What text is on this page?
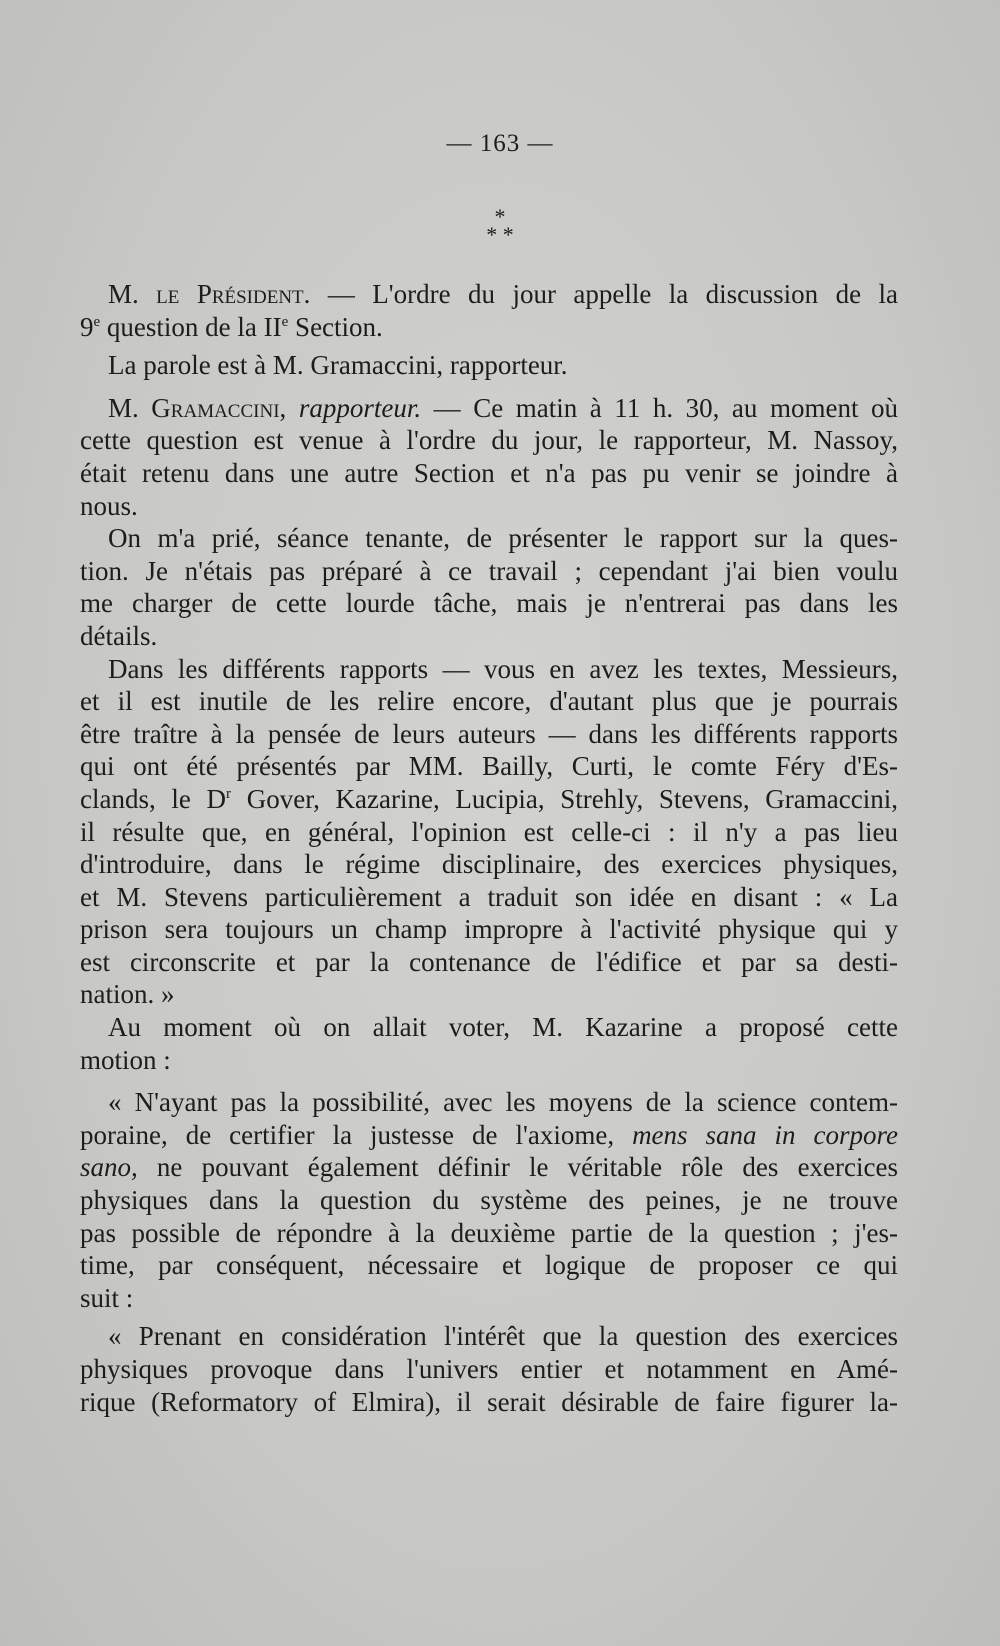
— 163 —
*
* *
M. le Président. — L'ordre du jour appelle la discussion de la
9e question de la IIe Section.
La parole est à M. Gramaccini, rapporteur.
M. Gramaccini, rapporteur. — Ce matin à 11 h. 30, au moment où
cette question est venue à l'ordre du jour, le rapporteur, M. Nassoy,
était retenu dans une autre Section et n'a pas pu venir se joindre à
nous.
On m'a prié, séance tenante, de présenter le rapport sur la ques-
tion. Je n'étais pas préparé à ce travail ; cependant j'ai bien voulu
me charger de cette lourde tâche, mais je n'entrerai pas dans les
détails.
Dans les différents rapports — vous en avez les textes, Messieurs,
et il est inutile de les relire encore, d'autant plus que je pourrais
être traître à la pensée de leurs auteurs — dans les différents rapports
qui ont été présentés par MM. Bailly, Curti, le comte Féry d'Es-
clands, le $D^r$ Gover, Kazarine, Lucipia, Strehly, Stevens, Gramaccini,
il résulte que, en général, l'opinion est celle-ci : il n'y a pas lieu
d'introduire, dans le régime disciplinaire, des exercices physiques,
et M. Stevens particulièrement a traduit son idée en disant : « La
prison sera toujours un champ impropre à l'activité physique qui y
est circonscrite et par la contenance de l'édifice et par sa desti-
nation. »
Au moment où on allait voter, M. Kazarine a proposé cette
motion :
« N'ayant pas la possibilité, avec les moyens de la science contem-
poraine, de certifier la justesse de l'axiome, mens sana in corpore
sano, ne pouvant également définir le véritable rôle des exercices
physiques dans la question du système des peines, je ne trouve
pas possible de répondre à la deuxième partie de la question ; j'es-
time, par conséquent, nécessaire et logique de proposer ce qui
suit :
« Prenant en considération l'intérêt que la question des exercices
physiques provoque dans l'univers entier et notamment en Amé-
rique (Reformatory of Elmira), il serait désirable de faire figurer la-
